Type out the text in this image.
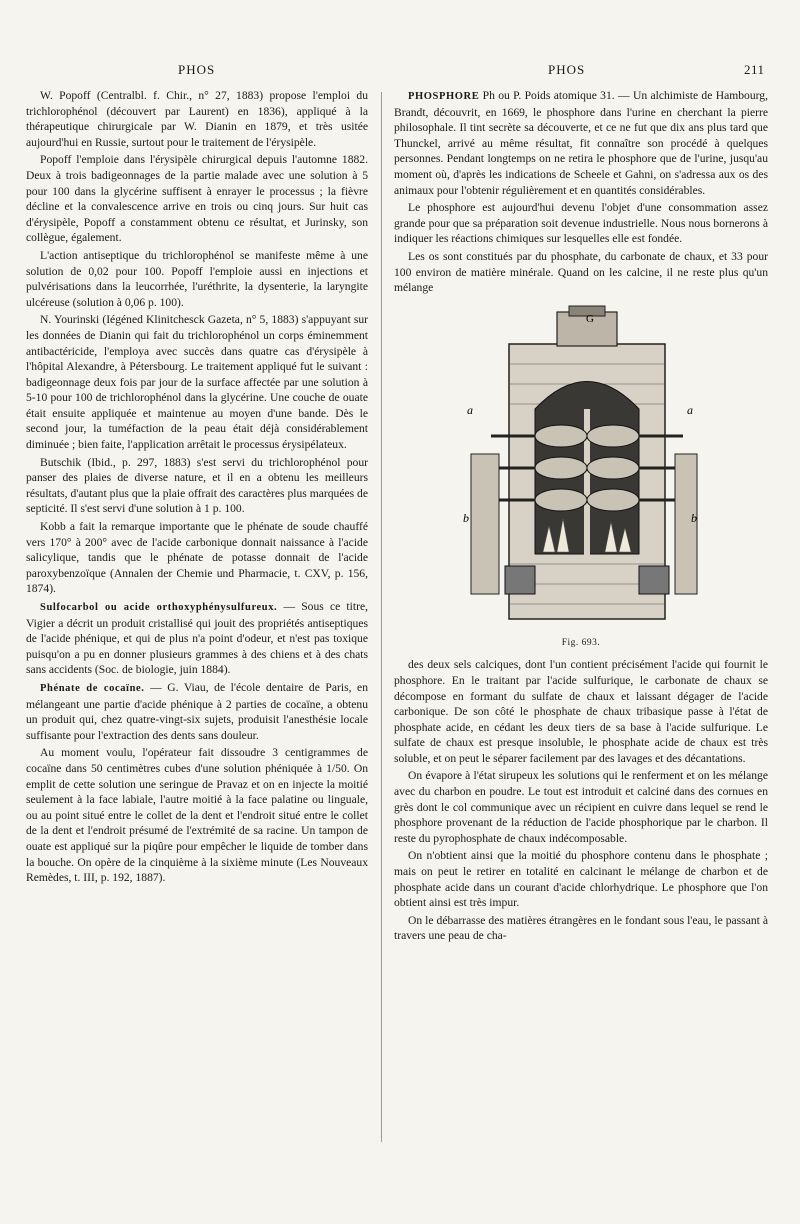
PHOS	PHOS	211

W. Popoff (Centralbl. f. Chir., n° 27, 1883) propose l'emploi du trichlorophénol (découvert par Laurent) en 1836), appliqué à la thérapeutique chirurgicale par W. Dianin en 1879, et très usitée aujourd'hui en Russie, surtout pour le traitement de l'érysipèle.

Popoff l'emploie dans l'érysipèle chirurgical depuis l'automne 1882. Deux à trois badigeonnages de la partie malade avec une solution à 5 pour 100 dans la glycérine suffisent à enrayer le processus ; la fièvre décline et la convalescence arrive en trois ou cinq jours. Sur huit cas d'érysipèle, Popoff a constamment obtenu ce résultat, et Jurinsky, son collègue, également.

L'action antiseptique du trichlorophénol se manifeste même à une solution de 0,02 pour 100. Popoff l'emploie aussi en injections et pulvérisations dans la leucorrhée, l'uréthrite, la dysenterie, la laryngite ulcéreuse (solution à 0,06 p. 100).

N. Yourinski (Iégéned Klinitchesck Gazeta, n° 5, 1883) s'appuyant sur les données de Dianin qui fait du trichlorophénol un corps éminemment antibactéricide, l'employa avec succès dans quatre cas d'érysipèle à l'hôpital Alexandre, à Pétersbourg. Le traitement appliqué fut le suivant : badigeonnage deux fois par jour de la surface affectée par une solution à 5-10 pour 100 de trichlorophénol dans la glycérine. Une couche de ouate était ensuite appliquée et maintenue au moyen d'une bande. Dès le second jour, la tuméfaction de la peau était déjà considérablement diminuée ; bien faite, l'application arrêtait le processus érysipélateux.

Butschik (Ibid., p. 297, 1883) s'est servi du trichlorophénol pour panser des plaies de diverse nature, et il en a obtenu les meilleurs résultats, d'autant plus que la plaie offrait des caractères plus marquées de septicité. Il s'est servi d'une solution à 1 p. 100.

Kobb a fait la remarque importante que le phénate de soude chauffé vers 170° à 200° avec de l'acide carbonique donnait naissance à l'acide salicylique, tandis que le phénate de potasse donnait de l'acide paroxybenzoïque (Annalen der Chemie und Pharmacie, t. CXV, p. 156, 1874).

Sulfocarbol ou acide orthoxyphénysulfureux. — Sous ce titre, Vigier a décrit un produit cristallisé qui jouit des propriétés antiseptiques de l'acide phénique, et qui de plus n'a point d'odeur, et n'est pas toxique puisqu'on a pu en donner plusieurs grammes à des chiens et à des chats sans accidents (Soc. de biologie, juin 1884).

Phénate de cocaïne. — G. Viau, de l'école dentaire de Paris, en mélangeant une partie d'acide phénique à 2 parties de cocaïne, a obtenu un produit qui, chez quatre-vingt-six sujets, produisit l'anesthésie locale suffisante pour l'extraction des dents sans douleur.

Au moment voulu, l'opérateur fait dissoudre 3 centigrammes de cocaïne dans 50 centimètres cubes d'une solution phéniquée à 1/50. On emplit de cette solution une seringue de Pravaz et on en injecte la moitié seulement à la face labiale, l'autre moitié à la face palatine ou linguale, ou au point situé entre le collet de la dent et l'endroit situé entre le collet de la dent et l'endroit présumé de l'extrémité de sa racine. Un tampon de ouate est appliqué sur la piqûre pour empêcher le liquide de tomber dans la bouche. On opère de la cinquième à la sixième minute (Les Nouveaux Remèdes, t. III, p. 192, 1887).

PHOSPHORE Ph ou P. Poids atomique 31. — Un alchimiste de Hambourg, Brandt, découvrit, en 1669, le phosphore dans l'urine en cherchant la pierre philosophale. Il tint secrète sa découverte, et ce ne fut que dix ans plus tard que Thunckel, arrivé au même résultat, fit connaître son procédé à quelques personnes. Pendant longtemps on ne retira le phosphore que de l'urine, jusqu'au moment où, d'après les indications de Scheele et Gahni, on s'adressa aux os des animaux pour l'obtenir régulièrement et en quantités considérables.

Le phosphore est aujourd'hui devenu l'objet d'une consommation assez grande pour que sa préparation soit devenue industrielle. Nous nous bornerons à indiquer les réactions chimiques sur lesquelles elle est fondée.

Les os sont constitués par du phosphate, du carbonate de chaux, et 33 pour 100 environ de matière minérale. Quand on les calcine, il ne reste plus qu'un mélange

G
a	a
b	b
Fig. 693.

des deux sels calciques, dont l'un contient précisément l'acide qui fournit le phosphore. En le traitant par l'acide sulfurique, le carbonate de chaux se décompose en formant du sulfate de chaux et laissant dégager de l'acide carbonique. De son côté le phosphate de chaux tribasique passe à l'état de phosphate acide, en cédant les deux tiers de sa base à l'acide sulfurique. Le sulfate de chaux est presque insoluble, le phosphate acide de chaux est très soluble, et on peut le séparer facilement par des lavages et des décantations.

On évapore à l'état sirupeux les solutions qui le renferment et on les mélange avec du charbon en poudre. Le tout est introduit et calciné dans des cornues en grès dont le col communique avec un récipient en cuivre dans lequel se rend le phosphore provenant de la réduction de l'acide phosphorique par le charbon. Il reste du pyrophosphate de chaux indécomposable.

On n'obtient ainsi que la moitié du phosphore contenu dans le phosphate ; mais on peut le retirer en totalité en calcinant le mélange de charbon et de phosphate acide dans un courant d'acide chlorhydrique. Le phosphore que l'on obtient ainsi est très impur.

On le débarrasse des matières étrangères en le fondant sous l'eau, le passant à travers une peau de cha-
